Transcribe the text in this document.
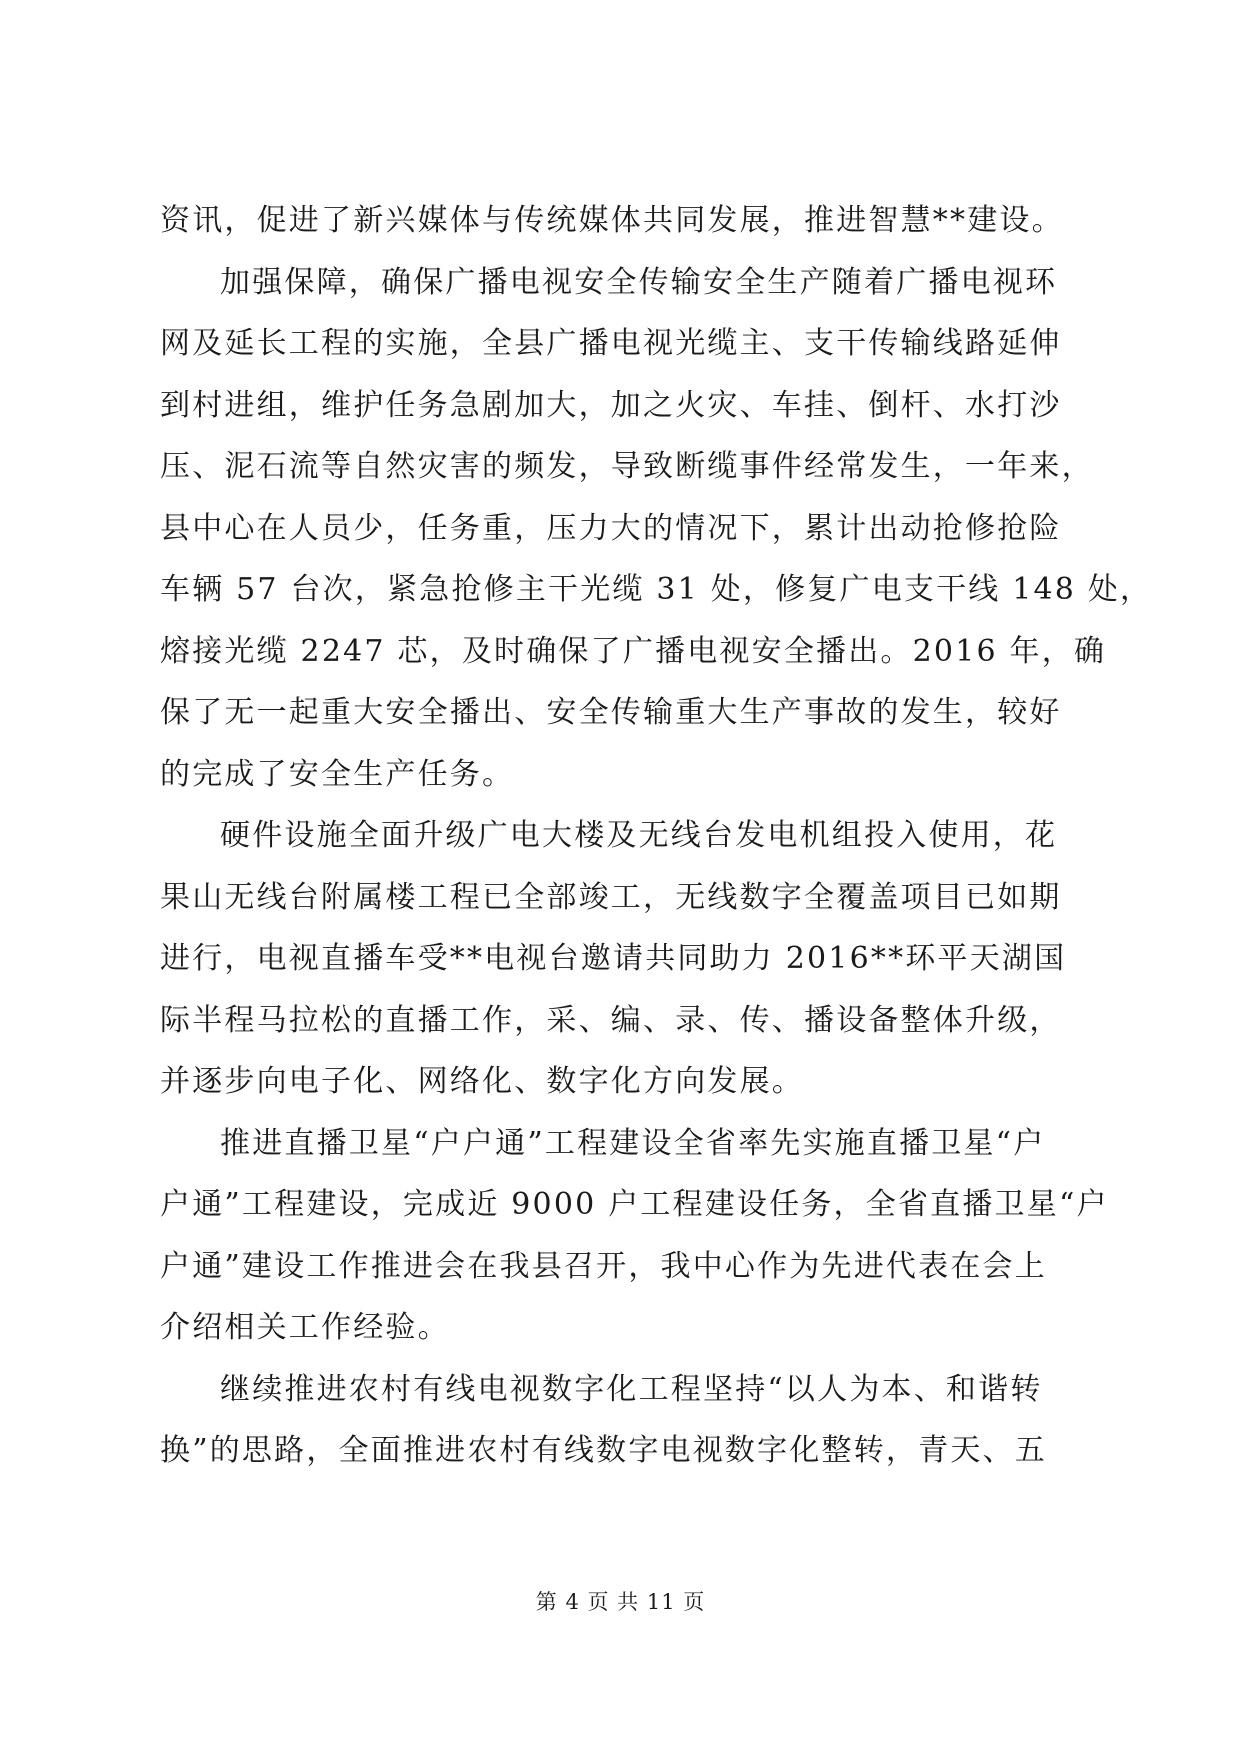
资讯，促进了新兴媒体与传统媒体共同发展，推进智慧**建设。
加强保障，确保广播电视安全传输安全生产随着广播电视环
网及延长工程的实施，全县广播电视光缆主、支干传输线路延伸
到村进组，维护任务急剧加大，加之火灾、车挂、倒杆、水打沙
压、泥石流等自然灾害的频发，导致断缆事件经常发生，一年来，
县中心在人员少，任务重，压力大的情况下，累计出动抢修抢险
车辆 57 台次，紧急抢修主干光缆 31 处，修复广电支干线 148 处，
熔接光缆 2247 芯，及时确保了广播电视安全播出。2016 年，确
保了无一起重大安全播出、安全传输重大生产事故的发生，较好
的完成了安全生产任务。
硬件设施全面升级广电大楼及无线台发电机组投入使用，花
果山无线台附属楼工程已全部竣工，无线数字全覆盖项目已如期
进行，电视直播车受**电视台邀请共同助力 2016**环平天湖国
际半程马拉松的直播工作，采、编、录、传、播设备整体升级，
并逐步向电子化、网络化、数字化方向发展。
推进直播卫星“户户通”工程建设全省率先实施直播卫星“户
户通”工程建设，完成近 9000 户工程建设任务，全省直播卫星“户
户通”建设工作推进会在我县召开，我中心作为先进代表在会上
介绍相关工作经验。
继续推进农村有线电视数字化工程坚持“以人为本、和谐转
换”的思路，全面推进农村有线数字电视数字化整转，青天、五
第 4 页 共 11 页
